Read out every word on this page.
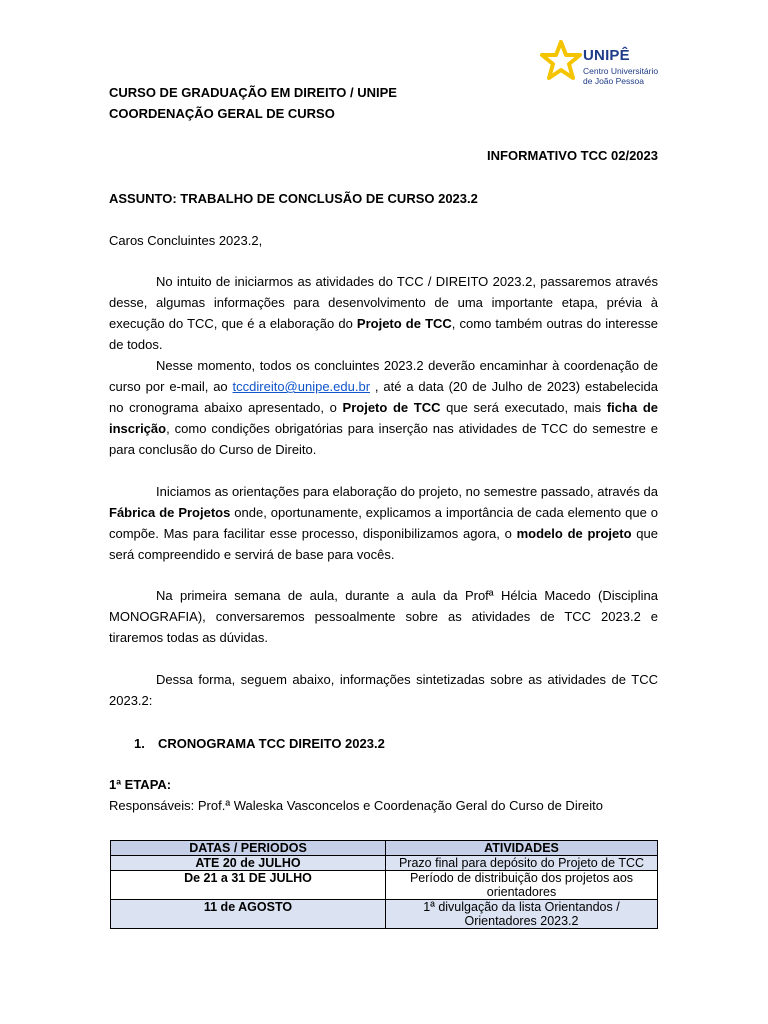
UNIPÊ
Centro Universitário
de João Pessoa
CURSO DE GRADUAÇÃO EM DIREITO / UNIPE
COORDENAÇÃO GERAL DE CURSO
INFORMATIVO TCC 02/2023
ASSUNTO: TRABALHO DE CONCLUSÃO DE CURSO 2023.2
Caros Concluintes 2023.2,
No intuito de iniciarmos as atividades do TCC / DIREITO 2023.2, passaremos através desse, algumas informações para desenvolvimento de uma importante etapa, prévia à execução do TCC, que é a elaboração do Projeto de TCC, como também outras do interesse de todos.
Nesse momento, todos os concluintes 2023.2 deverão encaminhar à coordenação de curso por e-mail, ao tccdireito@unipe.edu.br , até a data (20 de Julho de 2023) estabelecida no cronograma abaixo apresentado, o Projeto de TCC que será executado, mais ficha de inscrição, como condições obrigatórias para inserção nas atividades de TCC do semestre e para conclusão do Curso de Direito.
Iniciamos as orientações para elaboração do projeto, no semestre passado, através da Fábrica de Projetos onde, oportunamente, explicamos a importância de cada elemento que o compõe. Mas para facilitar esse processo, disponibilizamos agora, o modelo de projeto que será compreendido e servirá de base para vocês.
Na primeira semana de aula, durante a aula da Profª Hélcia Macedo (Disciplina MONOGRAFIA), conversaremos pessoalmente sobre as atividades de TCC 2023.2 e tiraremos todas as dúvidas.
Dessa forma, seguem abaixo, informações sintetizadas sobre as atividades de TCC 2023.2:
1. CRONOGRAMA TCC DIREITO 2023.2
1ª ETAPA:
Responsáveis: Prof.ª Waleska Vasconcelos e Coordenação Geral do Curso de Direito
DATAS / PERIODOS	ATIVIDADES
ATE 20 de JULHO	Prazo final para depósito do Projeto de TCC
De 21 a 31 DE JULHO	Período de distribuição dos projetos aos orientadores
11 de AGOSTO	1ª divulgação da lista Orientandos / Orientadores 2023.2
